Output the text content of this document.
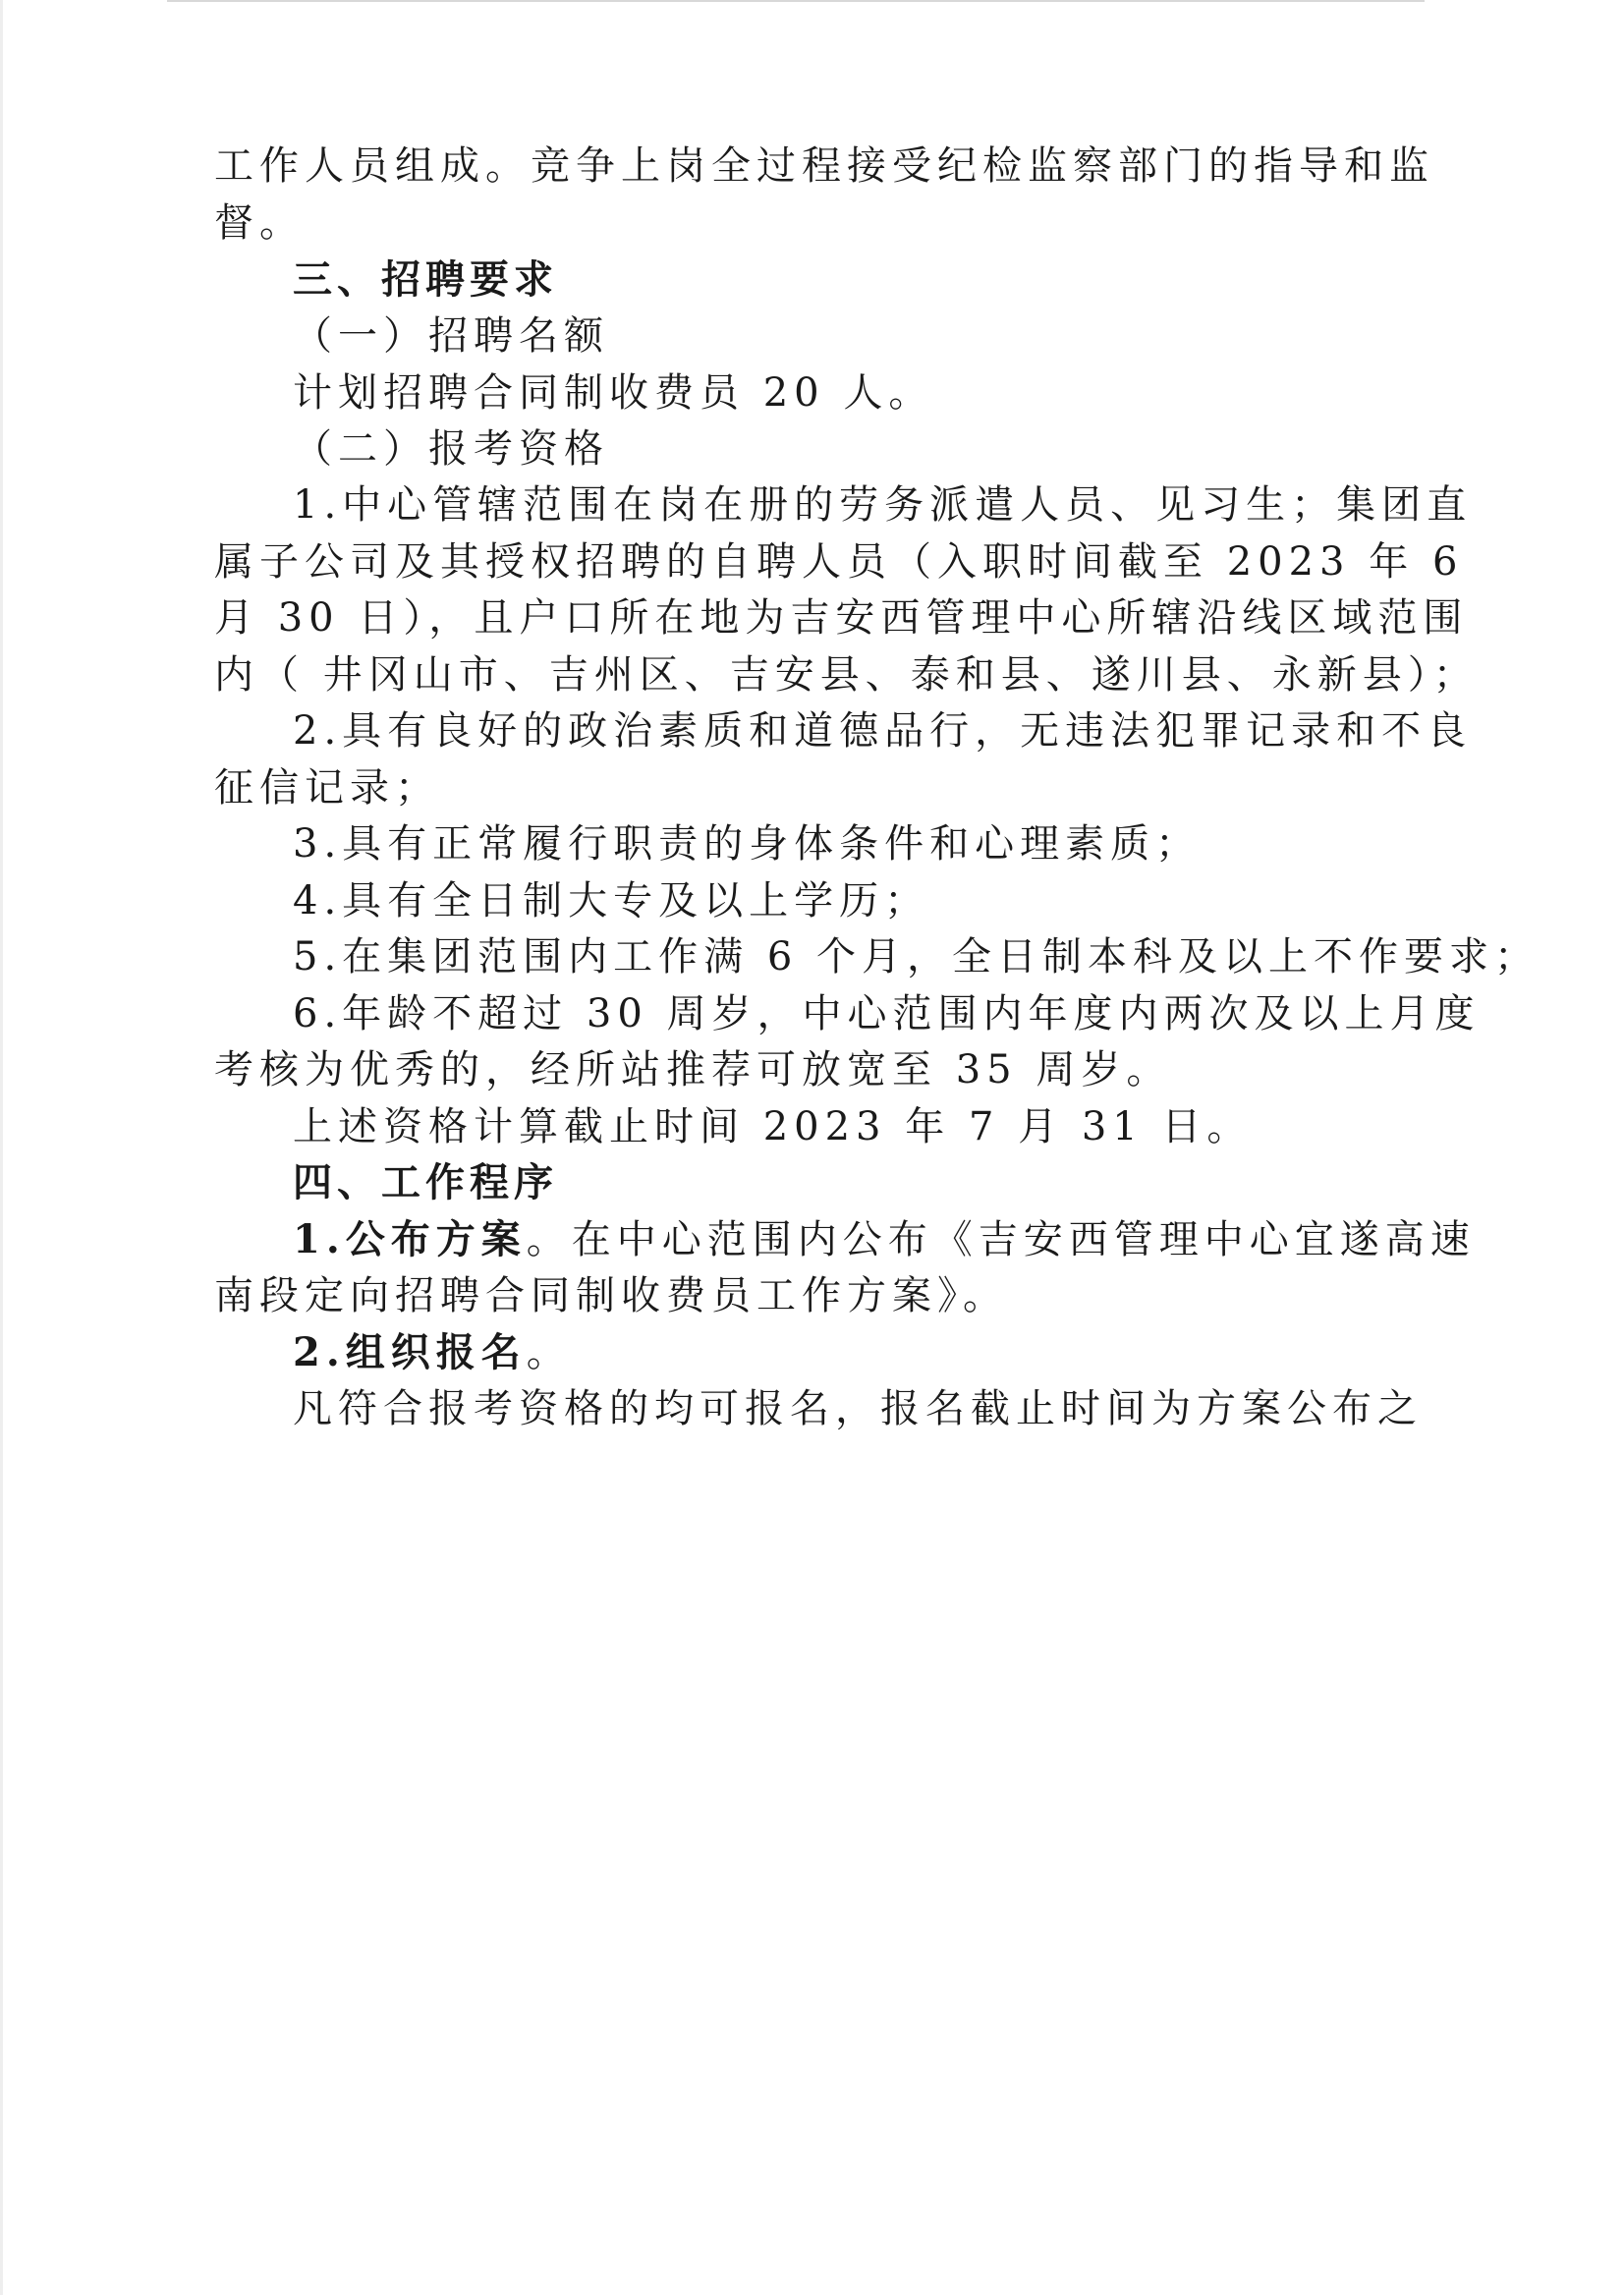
工作人员组成。竞争上岗全过程接受纪检监察部门的指导和监
督。
三、招聘要求
（一）招聘名额
计划招聘合同制收费员 20 人。
（二）报考资格
1.中心管辖范围在岗在册的劳务派遣人员、见习生；集团直
属子公司及其授权招聘的自聘人员（入职时间截至 2023 年 6
月 30 日），且户口所在地为吉安西管理中心所辖沿线区域范围
内（ 井冈山市、吉州区、吉安县、泰和县、遂川县、永新县）；
2.具有良好的政治素质和道德品行，无违法犯罪记录和不良
征信记录；
3.具有正常履行职责的身体条件和心理素质；
4.具有全日制大专及以上学历；
5.在集团范围内工作满 6 个月，全日制本科及以上不作要求；
6.年龄不超过 30 周岁，中心范围内年度内两次及以上月度
考核为优秀的，经所站推荐可放宽至 35 周岁。
上述资格计算截止时间 2023 年 7 月 31 日。
四、工作程序
1.公布方案。在中心范围内公布《吉安西管理中心宜遂高速
南段定向招聘合同制收费员工作方案》。
2.组织报名。
凡符合报考资格的均可报名，报名截止时间为方案公布之
